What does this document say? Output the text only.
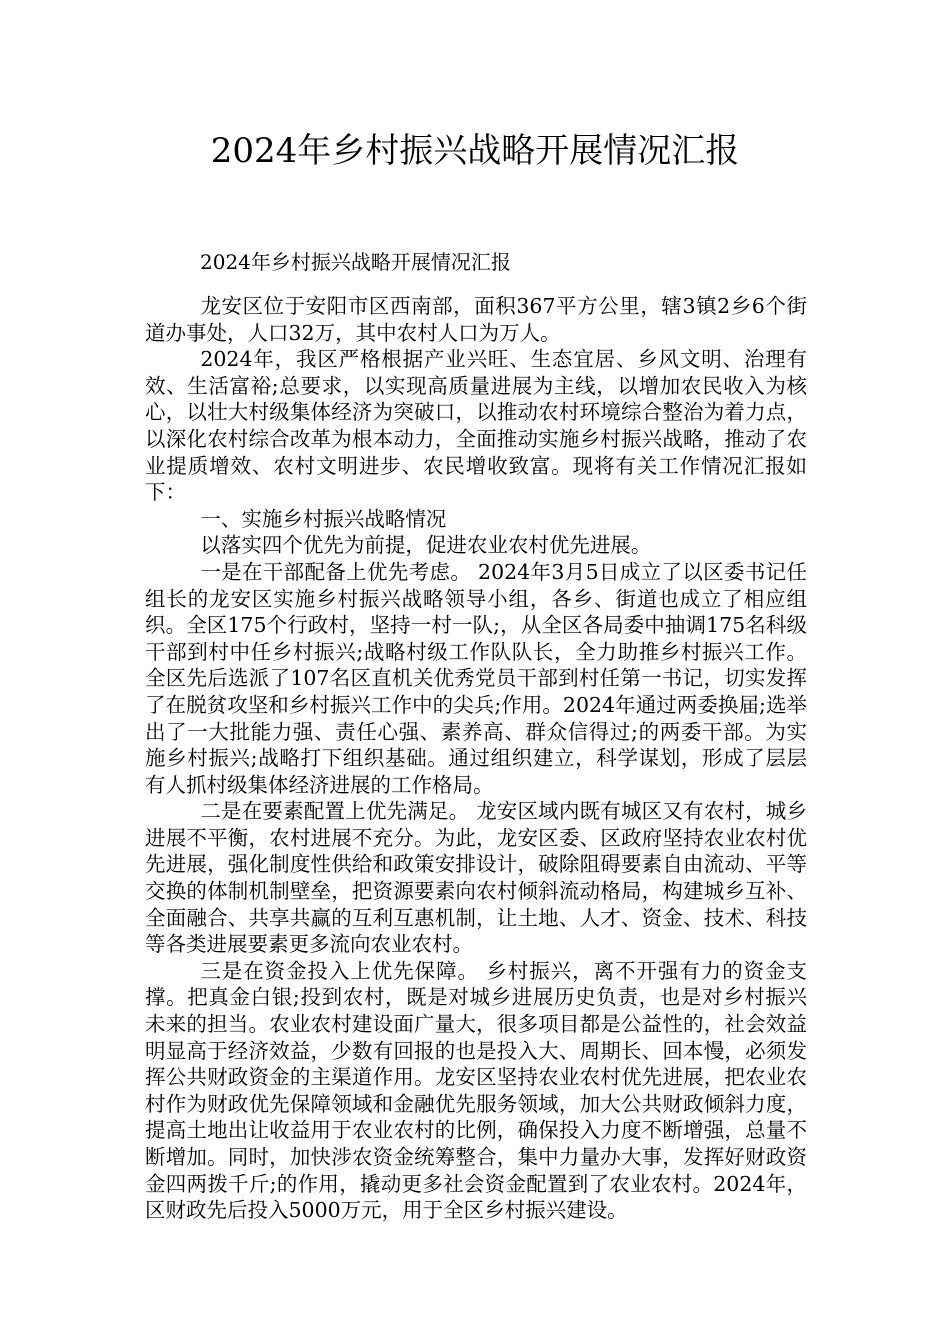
2024年乡村振兴战略开展情况汇报
2024年乡村振兴战略开展情况汇报

龙安区位于安阳市区西南部，面积367平方公里，辖3镇2乡6个街道办事处，人口32万，其中农村人口为万人。

2024年，我区严格根据产业兴旺、生态宜居、乡风文明、治理有效、生活富裕;总要求，以实现高质量进展为主线，以增加农民收入为核心，以壮大村级集体经济为突破口，以推动农村环境综合整治为着力点，以深化农村综合改革为根本动力，全面推动实施乡村振兴战略，推动了农业提质增效、农村文明进步、农民增收致富。现将有关工作情况汇报如下：

一、实施乡村振兴战略情况

以落实四个优先为前提，促进农业农村优先进展。

一是在干部配备上优先考虑。 2024年3月5日成立了以区委书记任组长的龙安区实施乡村振兴战略领导小组，各乡、街道也成立了相应组织。全区175个行政村，坚持一村一队;，从全区各局委中抽调175名科级干部到村中任乡村振兴;战略村级工作队队长，全力助推乡村振兴工作。全区先后选派了107名区直机关优秀党员干部到村任第一书记，切实发挥了在脱贫攻坚和乡村振兴工作中的尖兵;作用。2024年通过两委换届;选举出了一大批能力强、责任心强、素养高、群众信得过;的两委干部。为实施乡村振兴;战略打下组织基础。通过组织建立，科学谋划，形成了层层有人抓村级集体经济进展的工作格局。

二是在要素配置上优先满足。 龙安区域内既有城区又有农村，城乡进展不平衡，农村进展不充分。为此，龙安区委、区政府坚持农业农村优先进展，强化制度性供给和政策安排设计，破除阻碍要素自由流动、平等交换的体制机制壁垒，把资源要素向农村倾斜流动格局，构建城乡互补、全面融合、共享共赢的互利互惠机制，让土地、人才、资金、技术、科技等各类进展要素更多流向农业农村。

三是在资金投入上优先保障。 乡村振兴，离不开强有力的资金支撑。把真金白银;投到农村，既是对城乡进展历史负责，也是对乡村振兴未来的担当。农业农村建设面广量大，很多项目都是公益性的，社会效益明显高于经济效益，少数有回报的也是投入大、周期长、回本慢，必须发挥公共财政资金的主渠道作用。龙安区坚持农业农村优先进展，把农业农村作为财政优先保障领域和金融优先服务领域，加大公共财政倾斜力度，提高土地出让收益用于农业农村的比例，确保投入力度不断增强，总量不断增加。同时，加快涉农资金统筹整合，集中力量办大事，发挥好财政资金四两拨千斤;的作用，撬动更多社会资金配置到了农业农村。2024年，区财政先后投入5000万元，用于全区乡村振兴建设。
